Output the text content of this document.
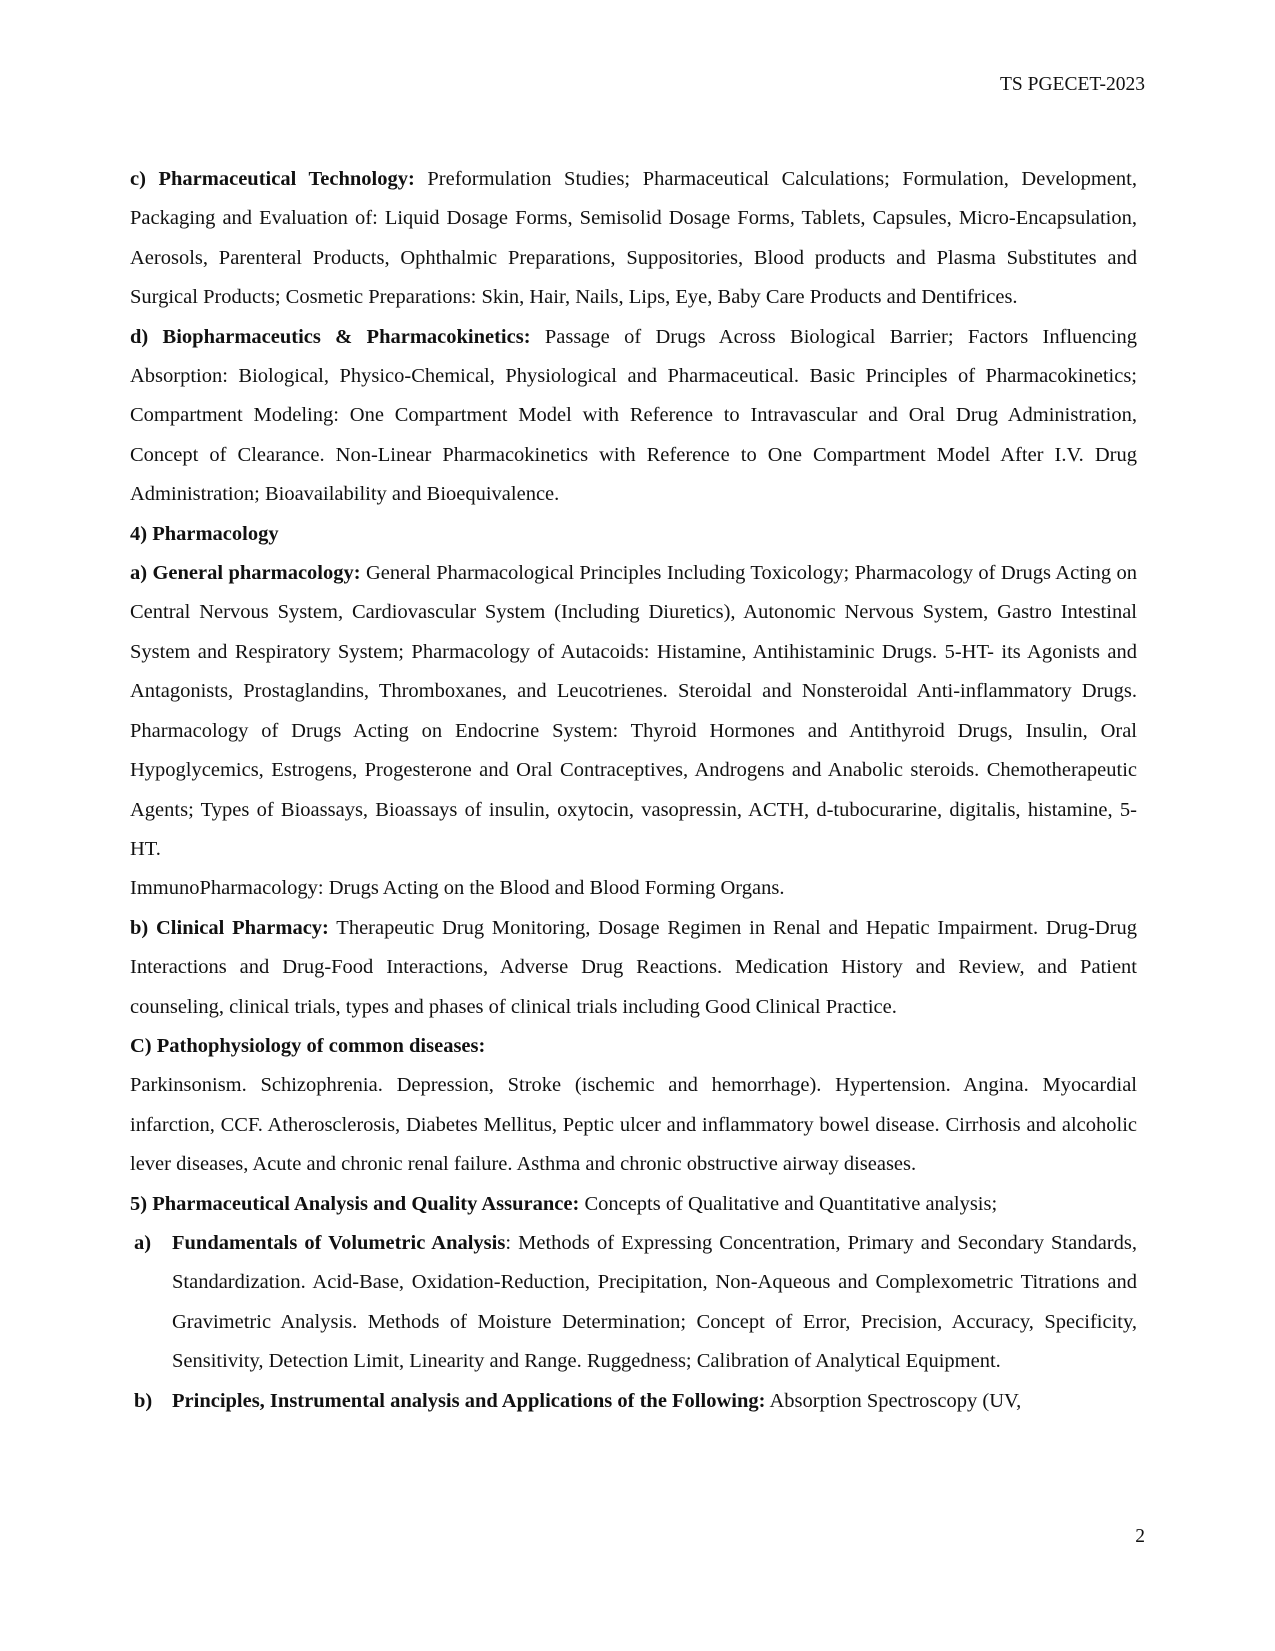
TS PGECET-2023

c) Pharmaceutical Technology: Preformulation Studies; Pharmaceutical Calculations; Formulation, Development, Packaging and Evaluation of: Liquid Dosage Forms, Semisolid Dosage Forms, Tablets, Capsules, Micro-Encapsulation, Aerosols, Parenteral Products, Ophthalmic Preparations, Suppositories, Blood products and Plasma Substitutes and Surgical Products; Cosmetic Preparations: Skin, Hair, Nails, Lips, Eye, Baby Care Products and Dentifrices.

d) Biopharmaceutics & Pharmacokinetics: Passage of Drugs Across Biological Barrier; Factors Influencing Absorption: Biological, Physico-Chemical, Physiological and Pharmaceutical. Basic Principles of Pharmacokinetics; Compartment Modeling: One Compartment Model with Reference to Intravascular and Oral Drug Administration, Concept of Clearance. Non-Linear Pharmacokinetics with Reference to One Compartment Model After I.V. Drug Administration; Bioavailability and Bioequivalence.

4) Pharmacology

a) General pharmacology: General Pharmacological Principles Including Toxicology; Pharmacology of Drugs Acting on Central Nervous System, Cardiovascular System (Including Diuretics), Autonomic Nervous System, Gastro Intestinal System and Respiratory System; Pharmacology of Autacoids: Histamine, Antihistaminic Drugs. 5-HT- its Agonists and Antagonists, Prostaglandins, Thromboxanes, and Leucotrienes. Steroidal and Nonsteroidal Anti-inflammatory Drugs. Pharmacology of Drugs Acting on Endocrine System: Thyroid Hormones and Antithyroid Drugs, Insulin, Oral Hypoglycemics, Estrogens, Progesterone and Oral Contraceptives, Androgens and Anabolic steroids. Chemotherapeutic Agents; Types of Bioassays, Bioassays of insulin, oxytocin, vasopressin, ACTH, d-tubocurarine, digitalis, histamine, 5-HT.

ImmunoPharmacology: Drugs Acting on the Blood and Blood Forming Organs.

b) Clinical Pharmacy: Therapeutic Drug Monitoring, Dosage Regimen in Renal and Hepatic Impairment. Drug-Drug Interactions and Drug-Food Interactions, Adverse Drug Reactions. Medication History and Review, and Patient counseling, clinical trials, types and phases of clinical trials including Good Clinical Practice.

C) Pathophysiology of common diseases:

Parkinsonism. Schizophrenia. Depression, Stroke (ischemic and hemorrhage). Hypertension. Angina. Myocardial infarction, CCF. Atherosclerosis, Diabetes Mellitus, Peptic ulcer and inflammatory bowel disease. Cirrhosis and alcoholic lever diseases, Acute and chronic renal failure. Asthma and chronic obstructive airway diseases.

5) Pharmaceutical Analysis and Quality Assurance: Concepts of Qualitative and Quantitative analysis;

a) Fundamentals of Volumetric Analysis: Methods of Expressing Concentration, Primary and Secondary Standards, Standardization. Acid-Base, Oxidation-Reduction, Precipitation, Non-Aqueous and Complexometric Titrations and Gravimetric Analysis. Methods of Moisture Determination; Concept of Error, Precision, Accuracy, Specificity, Sensitivity, Detection Limit, Linearity and Range. Ruggedness; Calibration of Analytical Equipment.

b) Principles, Instrumental analysis and Applications of the Following: Absorption Spectroscopy (UV,

2
